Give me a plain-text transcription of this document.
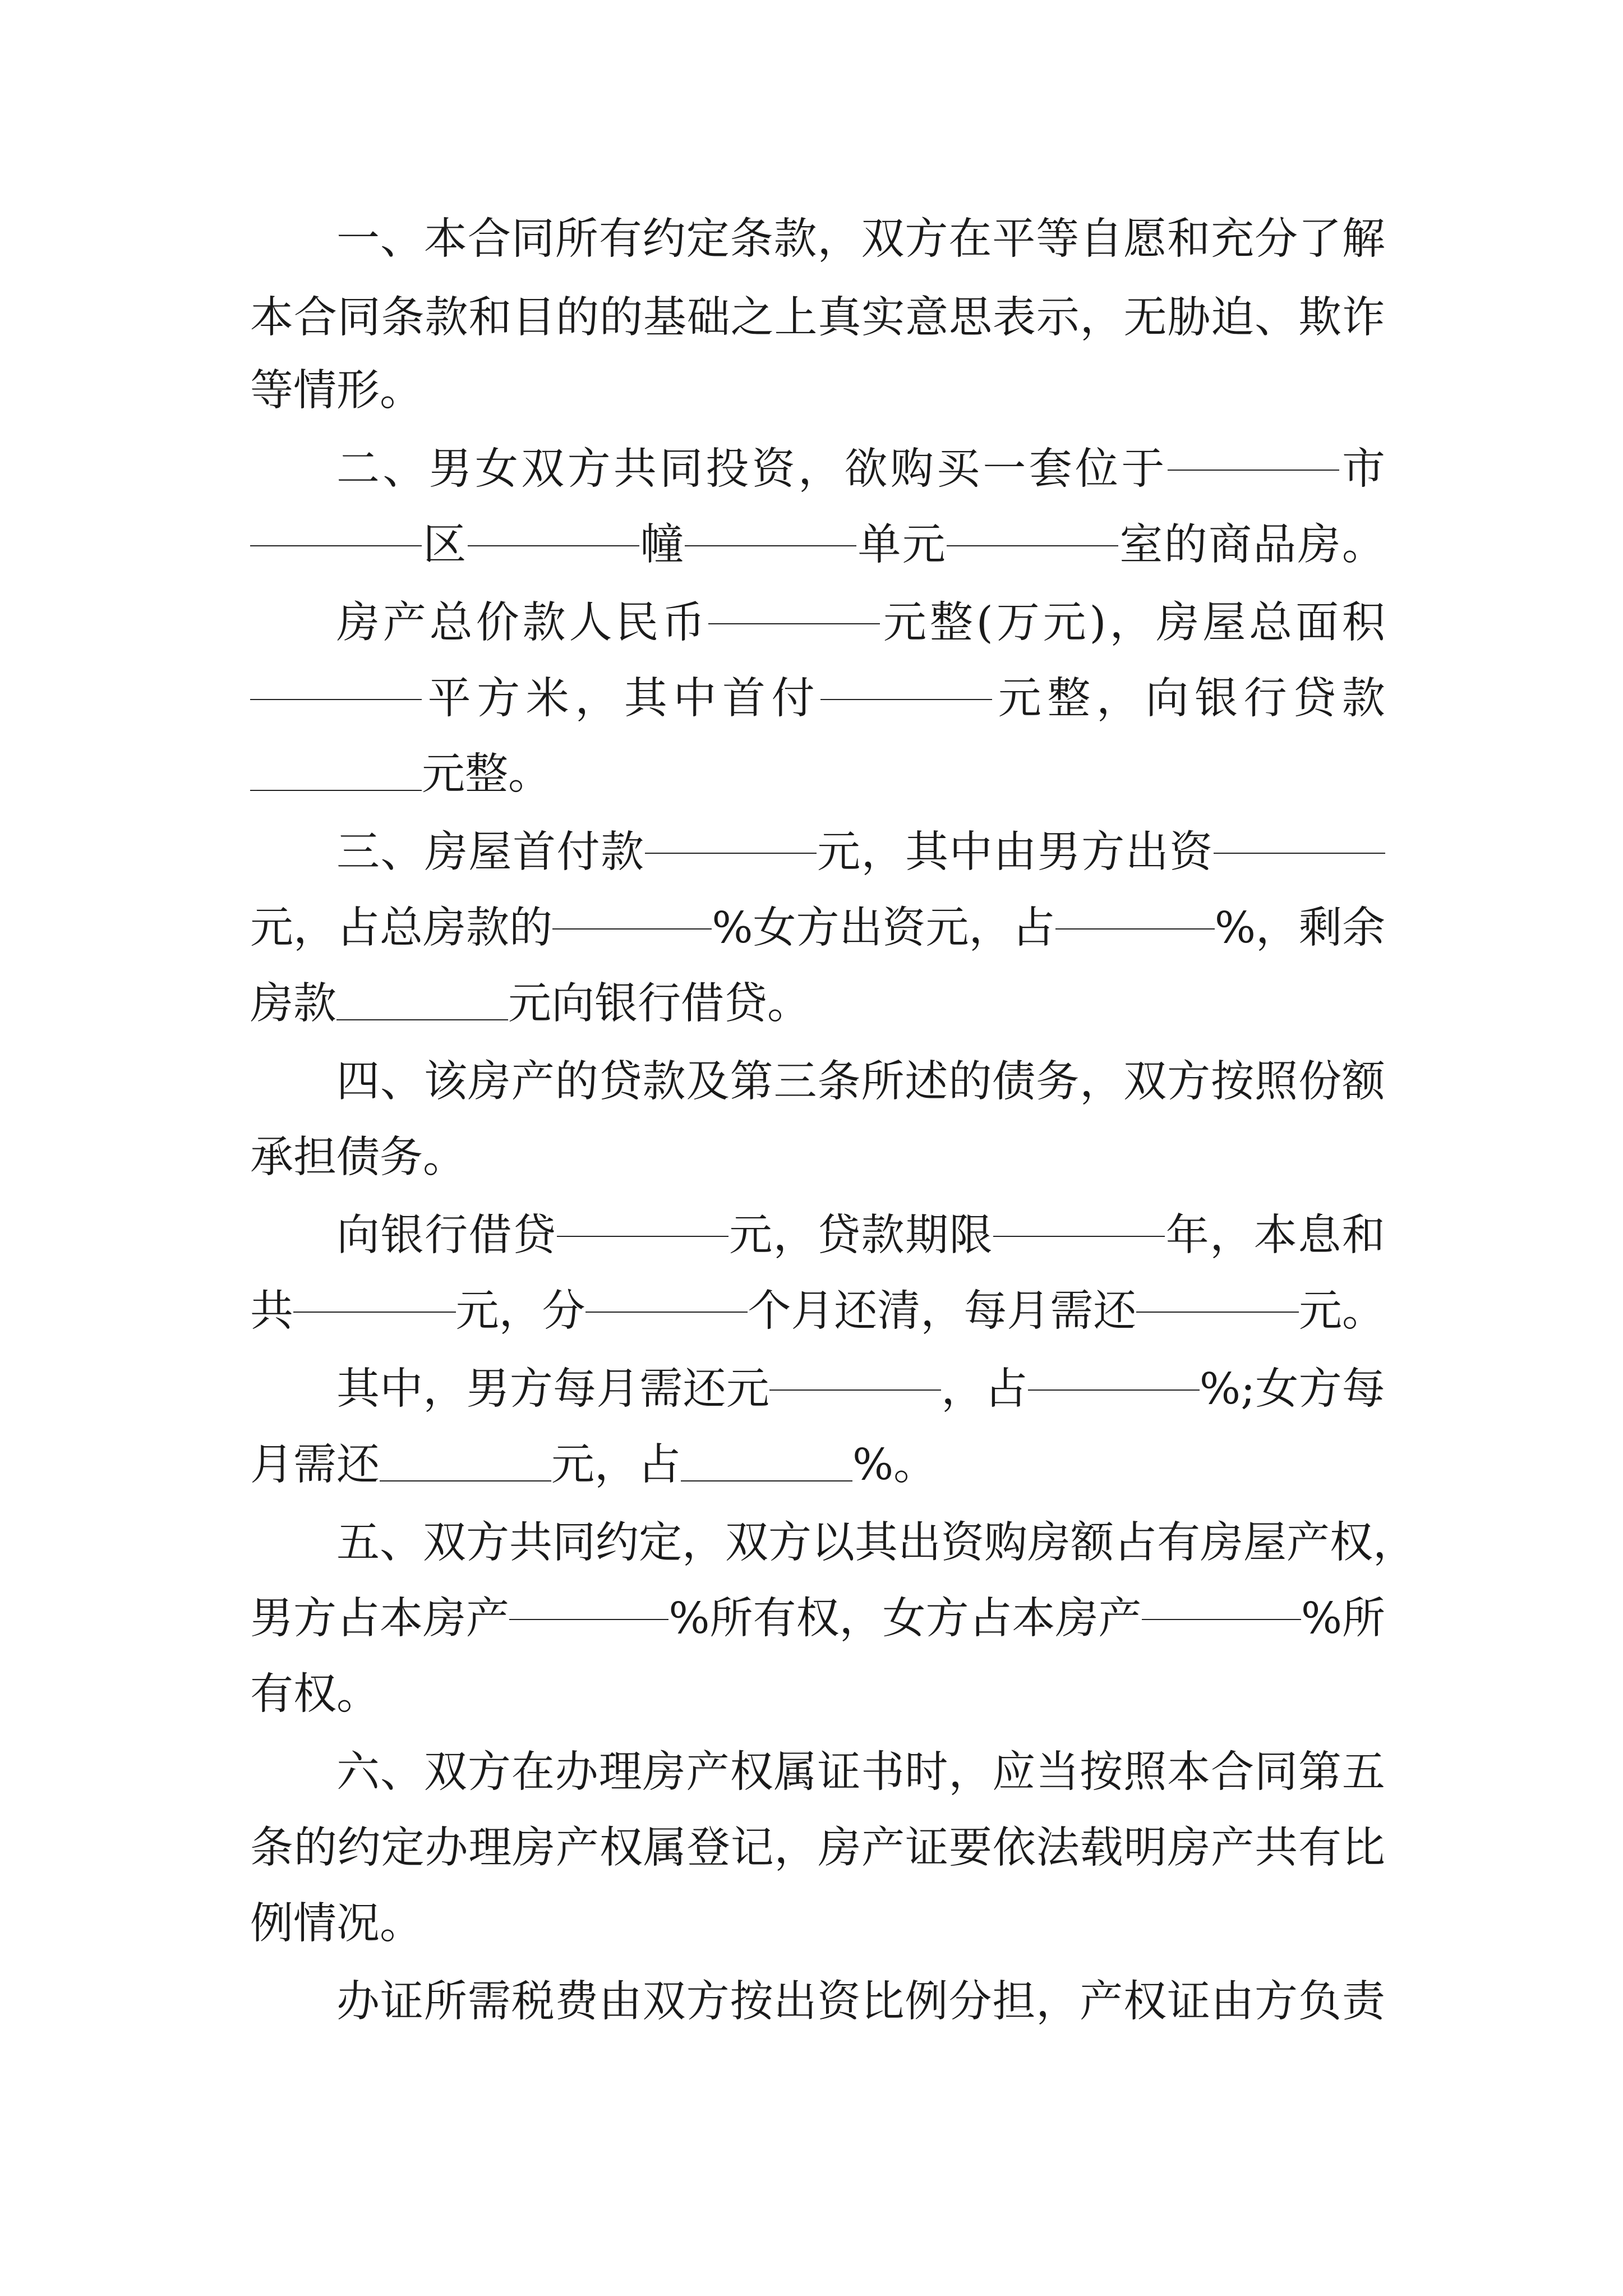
一 、 本 合 同 所 有 约 定 条 款 ， 双 方 在 平 等 自 愿 和 充 分 了 解
本 合 同 条 款 和 目 的 的 基 础 之 上 真 实 意 思 表 示 ， 无 胁 迫 、 欺 诈
等情形。
二 、 男 女 双 方 共 同 投 资 ， 欲 购 买 一 套 位 于	市
区	幢	单 元	室 的 商 品 房 。
房 产 总 价 款 人 民 币	元 整 ( 万 元 ) ， 房 屋 总 面 积
平 方 米 ， 其 中 首 付	元 整 ， 向 银 行 贷 款
元整。
三 、 房 屋 首 付 款	元 ， 其 中 由 男 方 出 资
元 ， 占 总 房 款 的	% 女 方 出 资 元 ， 占	% ， 剩 余
房款	元向银行借贷。
四 、 该 房 产 的 贷 款 及 第 三 条 所 述 的 债 务 ， 双 方 按 照 份 额
承担债务。
向 银 行 借 贷	元 ， 贷 款 期 限	年 ， 本 息 和
共	元 ， 分	个 月 还 清 ， 每 月 需 还	元 。
其 中 ， 男 方 每 月 需 还 元	， 占	% ; 女 方 每
月需还	元，占	%。
五 、 双 方 共 同 约 定 ， 双 方 以 其 出 资 购 房 额 占 有 房 屋 产 权 ，
男 方 占 本 房 产	% 所 有 权 ， 女 方 占 本 房 产	% 所
有权。
六 、 双 方 在 办 理 房 产 权 属 证 书 时 ， 应 当 按 照 本 合 同 第 五
条 的 约 定 办 理 房 产 权 属 登 记 ， 房 产 证 要 依 法 载 明 房 产 共 有 比
例情况。
办 证 所 需 税 费 由 双 方 按 出 资 比 例 分 担 ， 产 权 证 由 方 负 责
